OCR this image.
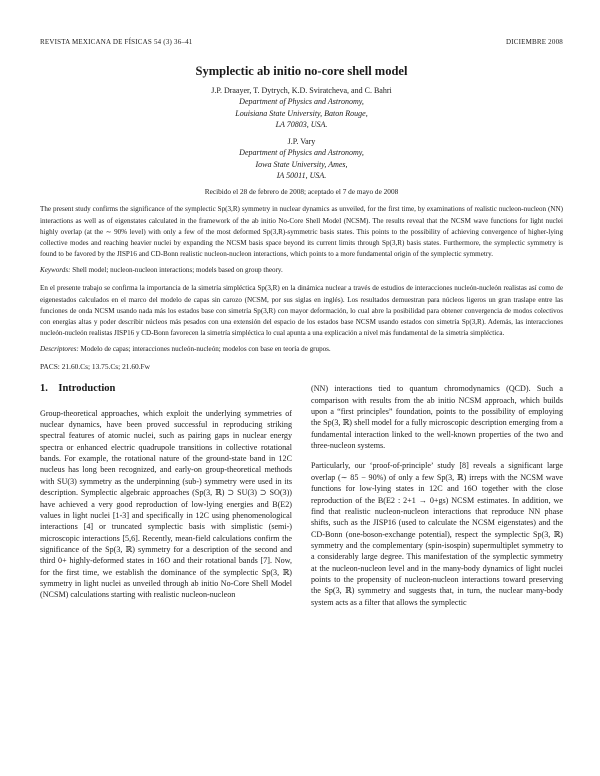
REVISTA MEXICANA DE FÍSICAS 54 (3) 36–41	DICIEMBRE 2008
Symplectic ab initio no-core shell model
J.P. Draayer, T. Dytrych, K.D. Sviratcheva, and C. Bahri
Department of Physics and Astronomy,
Louisiana State University, Baton Rouge,
LA 70803, USA.
J.P. Vary
Department of Physics and Astronomy,
Iowa State University, Ames,
IA 50011, USA.
Recibido el 28 de febrero de 2008; aceptado el 7 de mayo de 2008
The present study confirms the significance of the symplectic Sp(3,R) symmetry in nuclear dynamics as unveiled, for the first time, by examinations of realistic nucleon-nucleon (NN) interactions as well as of eigenstates calculated in the framework of the ab initio No-Core Shell Model (NCSM). The results reveal that the NCSM wave functions for light nuclei highly overlap (at the ∼ 90% level) with only a few of the most deformed Sp(3,R)-symmetric basis states. This points to the possibility of achieving convergence of higher-lying collective modes and reaching heavier nuclei by expanding the NCSM basis space beyond its current limits through Sp(3,R) basis states. Furthermore, the symplectic symmetry is found to be favored by the JISP16 and CD-Bonn realistic nucleon-nucleon interactions, which points to a more fundamental origin of the symplectic symmetry.
Keywords: Shell model; nucleon-nucleon interactions; models based on group theory.
En el presente trabajo se confirma la importancia de la simetría simpléctica Sp(3,R) en la dinámica nuclear a través de estudios de interacciones nucleón-nucleón realistas así como de eigenestados calculados en el marco del modelo de capas sin carozo (NCSM, por sus siglas en inglés). Los resultados demuestran para núcleos ligeros un gran traslape entre las funciones de onda NCSM usando nada más los estados base con simetría Sp(3,R) con mayor deformación, lo cual abre la posibilidad para obtener convergencia de modos colectivos con energías altas y poder describir núcleos más pesados con una extensión del espacio de los estados base NCSM usando estados con simetría Sp(3,R). Además, las interacciones nucleón-nucleón realistas JISP16 y CD-Bonn favorecen la simetría simpléctica lo cual apunta a una explicación a nivel más fundamental de la simetría simpléctica.
Descriptores: Modelo de capas; interacciones nucleón-nucleón; modelos con base en teoría de grupos.
PACS: 21.60.Cs; 13.75.Cs; 21.60.Fw
1. Introduction

Group-theoretical approaches, which exploit the underlying symmetries of nuclear dynamics, have been proved successful in reproducing striking spectral features of atomic nuclei, such as pairing gaps in nuclear energy spectra or enhanced electric quadrupole transitions in collective rotational bands. For example, the rotational nature of the ground-state band in 12C nucleus has long been recognized, and early-on group-theoretical methods with SU(3) symmetry as the underpinning (sub-) symmetry were used in its description. Symplectic algebraic approaches (Sp(3, ℝ) ⊃ SU(3) ⊃ SO(3)) have achieved a very good reproduction of low-lying energies and B(E2) values in light nuclei [1-3] and specifically in 12C using phenomenological interactions [4] or truncated symplectic basis with simplistic (semi-) microscopic interactions [5,6]. Recently, mean-field calculations confirm the significance of the Sp(3, ℝ) symmetry for a description of the second and third 0+ highly-deformed states in 16O and their rotational bands [7]. Now, for the first time, we establish the dominance of the symplectic Sp(3, ℝ) symmetry in light nuclei as unveiled through ab initio No-Core Shell Model (NCSM) calculations starting with realistic nucleon-nucleon

(NN) interactions tied to quantum chromodynamics (QCD). Such a comparison with results from the ab initio NCSM approach, which builds upon a “first principles” foundation, points to the possibility of employing the Sp(3, ℝ) shell model for a fully microscopic description emerging from a fundamental interaction linked to the well-known properties of the two and three-nucleon systems.

Particularly, our ‘proof-of-principle’ study [8] reveals a significant large overlap (∼ 85 − 90%) of only a few Sp(3, ℝ) irreps with the NCSM wave functions for low-lying states in 12C and 16O together with the close reproduction of the B(E2 : 2+1 → 0+gs) NCSM estimates. In addition, we find that realistic nucleon-nucleon interactions that reproduce NN phase shifts, such as the JISP16 (used to calculate the NCSM eigenstates) and the CD-Bonn (one-boson-exchange potential), respect the symplectic Sp(3, ℝ) symmetry and the complementary (spin-isospin) supermultiplet symmetry to a considerably large degree. This manifestation of the symplectic symmetry at the nucleon-nucleon level and in the many-body dynamics of light nuclei points to the propensity of nucleon-nucleon interactions toward preserving the Sp(3, ℝ) symmetry and suggests that, in turn, the nuclear many-body system acts as a filter that allows the symplectic
